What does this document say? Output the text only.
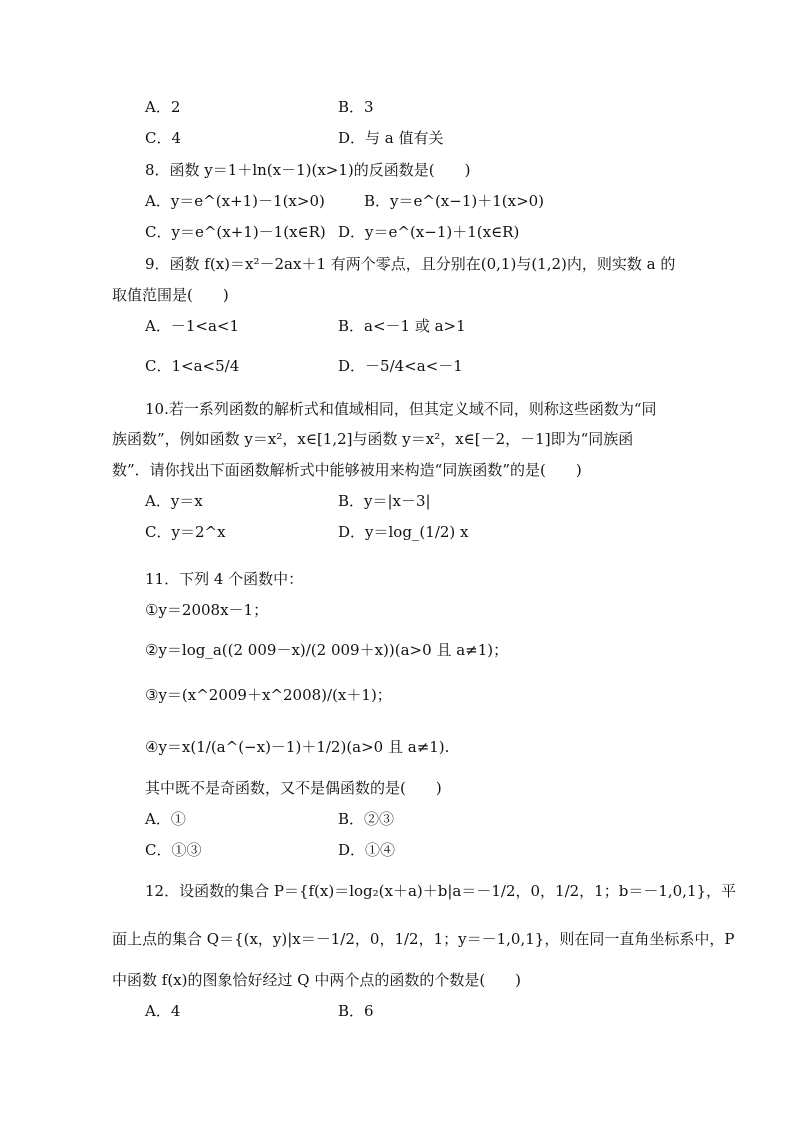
A．2	B．3
C．4	D．与 a 值有关
8．函数 y＝1＋ln(x－1)(x>1)的反函数是(　　)
A．y＝e^(x+1)－1(x>0)	B．y＝e^(x−1)＋1(x>0)
C．y＝e^(x+1)－1(x∈R) D．y＝e^(x−1)＋1(x∈R)
9．函数 f(x)＝x²－2ax＋1 有两个零点，且分别在(0,1)与(1,2)内，则实数 a 的
取值范围是(　　)
A．－1<a<1	B．a<－1 或 a>1
C．1<a<5/4	D．－5/4<a<－1
10.若一系列函数的解析式和值域相同，但其定义域不同，则称这些函数为“同
族函数”，例如函数 y＝x²，x∈[1,2]与函数 y＝x²，x∈[－2，－1]即为“同族函
数”．请你找出下面函数解析式中能够被用来构造“同族函数”的是(　　)
A．y＝x	B．y＝|x－3|
C．y＝2^x	D．y＝log_(1/2) x
11．下列 4 个函数中：
①y＝2008x－1；
②y＝log_a((2 009－x)/(2 009＋x))(a>0 且 a≠1)；
③y＝(x^2009＋x^2008)/(x＋1)；
④y＝x(1/(a^(−x)－1)＋1/2)(a>0 且 a≠1).
其中既不是奇函数，又不是偶函数的是(　　)
A．①	B．②③
C．①③	D．①④
12．设函数的集合 P＝{f(x)＝log₂(x＋a)＋b|a＝－1/2，0，1/2，1；b＝－1,0,1}，平
面上点的集合 Q＝{(x，y)|x＝－1/2，0，1/2，1；y＝－1,0,1}，则在同一直角坐标系中，P
中函数 f(x)的图象恰好经过 Q 中两个点的函数的个数是(　　)
A．4	B．6
